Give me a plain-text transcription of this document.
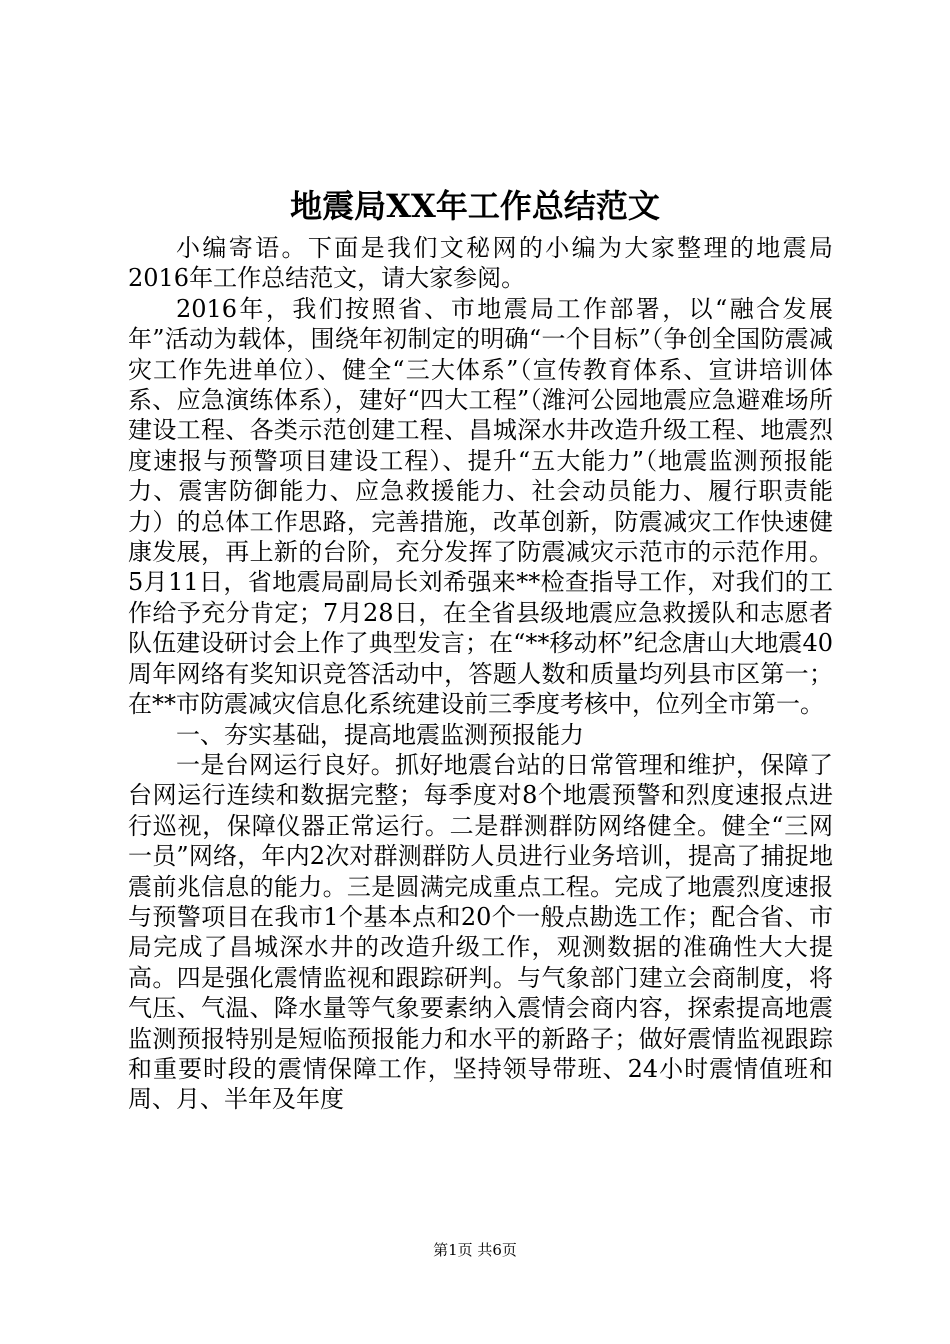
地震局XX年工作总结范文

小编寄语。下面是我们文秘网的小编为大家整理的地震局2016年工作总结范文，请大家参阅。

2016年，我们按照省、市地震局工作部署，以“融合发展年”活动为载体，围绕年初制定的明确“一个目标”（争创全国防震减灾工作先进单位）、健全“三大体系”（宣传教育体系、宣讲培训体系、应急演练体系），建好“四大工程”（潍河公园地震应急避难场所建设工程、各类示范创建工程、昌城深水井改造升级工程、地震烈度速报与预警项目建设工程）、提升“五大能力”（地震监测预报能力、震害防御能力、应急救援能力、社会动员能力、履行职责能力）的总体工作思路，完善措施，改革创新，防震减灾工作快速健康发展，再上新的台阶，充分发挥了防震减灾示范市的示范作用。5月11日，省地震局副局长刘希强来**检查指导工作，对我们的工作给予充分肯定；7月28日，在全省县级地震应急救援队和志愿者队伍建设研讨会上作了典型发言；在“**移动杯”纪念唐山大地震40周年网络有奖知识竞答活动中，答题人数和质量均列县市区第一；在**市防震减灾信息化系统建设前三季度考核中，位列全市第一。

一、夯实基础，提高地震监测预报能力

一是台网运行良好。抓好地震台站的日常管理和维护，保障了台网运行连续和数据完整；每季度对8个地震预警和烈度速报点进行巡视，保障仪器正常运行。二是群测群防网络健全。健全“三网一员”网络，年内2次对群测群防人员进行业务培训，提高了捕捉地震前兆信息的能力。三是圆满完成重点工程。完成了地震烈度速报与预警项目在我市1个基本点和20个一般点勘选工作；配合省、市局完成了昌城深水井的改造升级工作，观测数据的准确性大大提高。四是强化震情监视和跟踪研判。与气象部门建立会商制度，将气压、气温、降水量等气象要素纳入震情会商内容，探索提高地震监测预报特别是短临预报能力和水平的新路子；做好震情监视跟踪和重要时段的震情保障工作，坚持领导带班、24小时震情值班和周、月、半年及年度

第1页 共6页
